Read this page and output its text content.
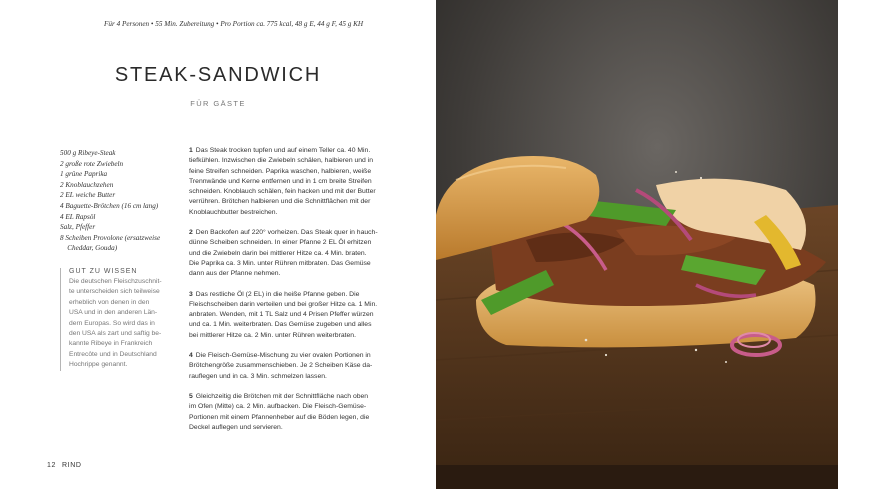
Für 4 Personen • 55 Min. Zubereitung • Pro Portion ca. 775 kcal, 48 g E, 44 g F, 45 g KH
STEAK-SANDWICH
FÜR GÄSTE
500 g Ribeye-Steak
2 große rote Zwiebeln
1 grüne Paprika
2 Knoblauchzehen
2 EL weiche Butter
4 Baguette-Brötchen (16 cm lang)
4 EL Rapsöl
Salz, Pfeffer
8 Scheiben Provolone (ersatzweise
Cheddar, Gouda)
GUT ZU WISSEN
Die deutschen Fleischzuschnit-
te unterscheiden sich teilweise
erheblich von denen in den
USA und in den anderen Län-
dern Europas. So wird das in
den USA als zart und saftig be-
kannte Ribeye in Frankreich
Entrecôte und in Deutschland
Hochrippe genannt.
1 Das Steak trocken tupfen und auf einem Teller ca. 40 Min.
tiefkühlen. Inzwischen die Zwiebeln schälen, halbieren und in
feine Streifen schneiden. Paprika waschen, halbieren, weiße
Trennwände und Kerne entfernen und in 1 cm breite Streifen
schneiden. Knoblauch schälen, fein hacken und mit der Butter
verrühren. Brötchen halbieren und die Schnittflächen mit der
Knoblauchbutter bestreichen.
2 Den Backofen auf 220° vorheizen. Das Steak quer in hauch-
dünne Scheiben schneiden. In einer Pfanne 2 EL Öl erhitzen
und die Zwiebeln darin bei mittlerer Hitze ca. 4 Min. braten.
Die Paprika ca. 3 Min. unter Rühren mitbraten. Das Gemüse
dann aus der Pfanne nehmen.
3 Das restliche Öl (2 EL) in die heiße Pfanne geben. Die
Fleischscheiben darin verteilen und bei großer Hitze ca. 1 Min.
anbraten. Wenden, mit 1 TL Salz und 4 Prisen Pfeffer würzen
und ca. 1 Min. weiterbraten. Das Gemüse zugeben und alles
bei mittlerer Hitze ca. 2 Min. unter Rühren weiterbraten.
4 Die Fleisch-Gemüse-Mischung zu vier ovalen Portionen in
Brötchengröße zusammenschieben. Je 2 Scheiben Käse da-
rauflegen und in ca. 3 Min. schmelzen lassen.
5 Gleichzeitig die Brötchen mit der Schnittfläche nach oben
im Ofen (Mitte) ca. 2 Min. aufbacken. Die Fleisch-Gemüse-
Portionen mit einem Pfannenheber auf die Böden legen, die
Deckel auflegen und servieren.
12 RIND
